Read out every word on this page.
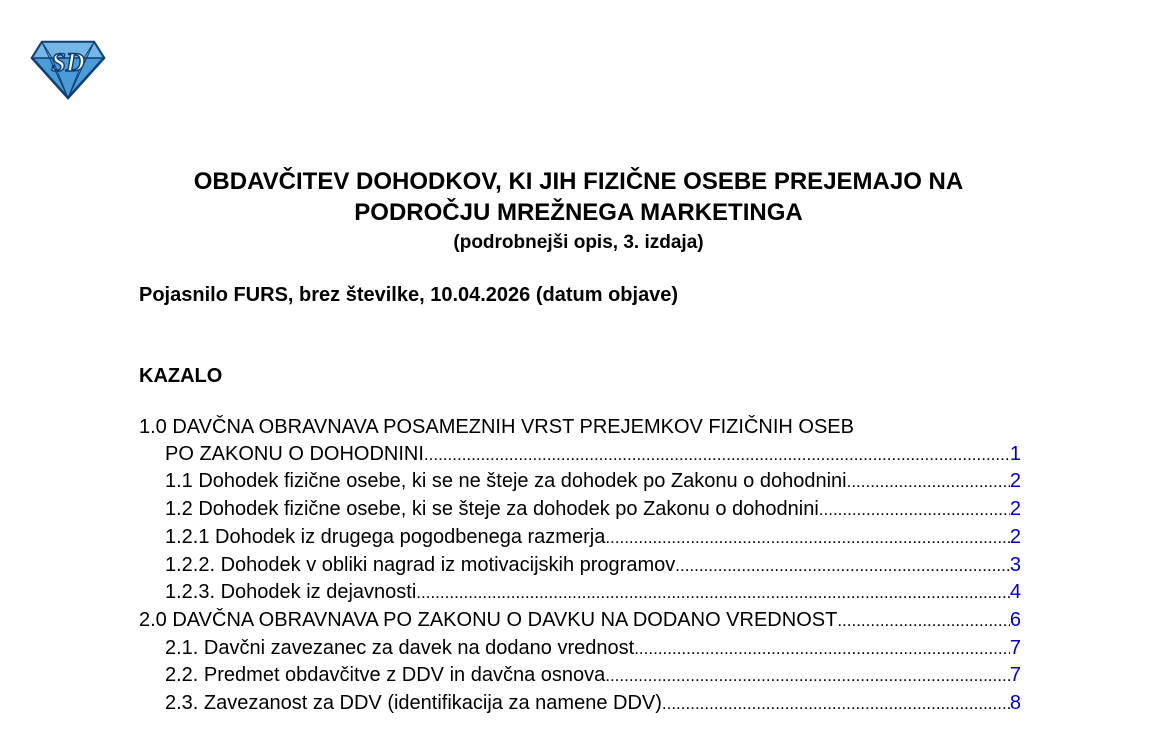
SD
OBDAVČITEV DOHODKOV, KI JIH FIZIČNE OSEBE PREJEMAJO NA
PODROČJU MREŽNEGA MARKETINGA
(podrobnejši opis, 3. izdaja)
Pojasnilo FURS, brez številke, 10.04.2026 (datum objave)
KAZALO
1.0 DAVČNA OBRAVNAVA POSAMEZNIH VRST PREJEMKOV FIZIČNIH OSEB
PO ZAKONU O DOHODNINI .....	1
1.1 Dohodek fizične osebe, ki se ne šteje za dohodek po Zakonu o dohodnini .....	2
1.2 Dohodek fizične osebe, ki se šteje za dohodek po Zakonu o dohodnini .....	2
1.2.1 Dohodek iz drugega pogodbenega razmerja .....	2
1.2.2. Dohodek v obliki nagrad iz motivacijskih programov .....	3
1.2.3. Dohodek iz dejavnosti .....	4
2.0 DAVČNA OBRAVNAVA PO ZAKONU O DAVKU NA DODANO VREDNOST .....	6
2.1. Davčni zavezanec za davek na dodano vrednost .....	7
2.2. Predmet obdavčitve z DDV in davčna osnova .....	7
2.3. Zavezanost za DDV (identifikacija za namene DDV) .....	8
